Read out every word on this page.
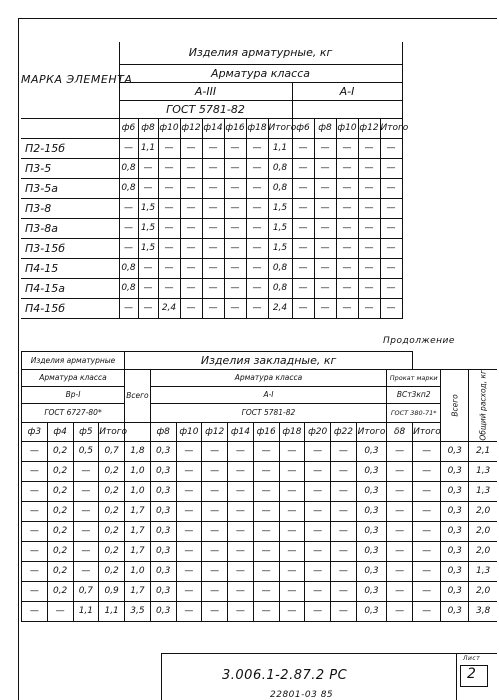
МАРКА ЭЛЕМЕНТА	Изделия арматурные, кг													
	Арматура класса													
	А-III								А-I					
	ГОСТ 5781-82													
	ф6	ф8	ф10	ф12	ф14	ф16	ф18	Итого	ф6	ф8	ф10	ф12	Итого	
П2-15б	—	1,1	—	—	—	—	—	1,1	—	—	—	—	—	
П3-5	0,8	—	—	—	—	—	—	0,8	—	—	—	—	—	
П3-5а	0,8	—	—	—	—	—	—	0,8	—	—	—	—	—	
П3-8	—	1,5	—	—	—	—	—	1,5	—	—	—	—	—	
П3-8а	—	1,5	—	—	—	—	—	1,5	—	—	—	—	—	
П3-15б	—	1,5	—	—	—	—	—	1,5	—	—	—	—	—	
П4-15	0,8	—	—	—	—	—	—	0,8	—	—	—	—	—	
П4-15а	0,8	—	—	—	—	—	—	0,8	—	—	—	—	—	
П4-15б	—	—	2,4	—	—	—	—	2,4	—	—	—	—	—	
Продолжение
Изделия арматурные				Изделия закладные, кг													
Арматура класса				Всего	Арматура класса									Прокат марки		Всего	Общий расход, кг
Вр-I					А-I									ВСт3кп2			
ГОСТ 6727-80*					ГОСТ 5781-82									ГОСТ 380-71*			
ф3	ф4	ф5	Итого		ф8	ф10	ф12	ф14	ф16	ф18	ф20	ф22	Итого	δ8	Итого		
—	0,2	0,5	0,7	1,8	0,3	—	—	—	—	—	—	—	0,3	—	—	0,3	2,1
—	0,2	—	0,2	1,0	0,3	—	—	—	—	—	—	—	0,3	—	—	0,3	1,3
—	0,2	—	0,2	1,0	0,3	—	—	—	—	—	—	—	0,3	—	—	0,3	1,3
—	0,2	—	0,2	1,7	0,3	—	—	—	—	—	—	—	0,3	—	—	0,3	2,0
—	0,2	—	0,2	1,7	0,3	—	—	—	—	—	—	—	0,3	—	—	0,3	2,0
—	0,2	—	0,2	1,7	0,3	—	—	—	—	—	—	—	0,3	—	—	0,3	2,0
—	0,2	—	0,2	1,0	0,3	—	—	—	—	—	—	—	0,3	—	—	0,3	1,3
—	0,2	0,7	0,9	1,7	0,3	—	—	—	—	—	—	—	0,3	—	—	0,3	2,0
—	—	1,1	1,1	3,5	0,3	—	—	—	—	—	—	—	0,3	—	—	0,3	3,8
3.006.1-2.87.2 РС
Лист
2
22801-03 85
